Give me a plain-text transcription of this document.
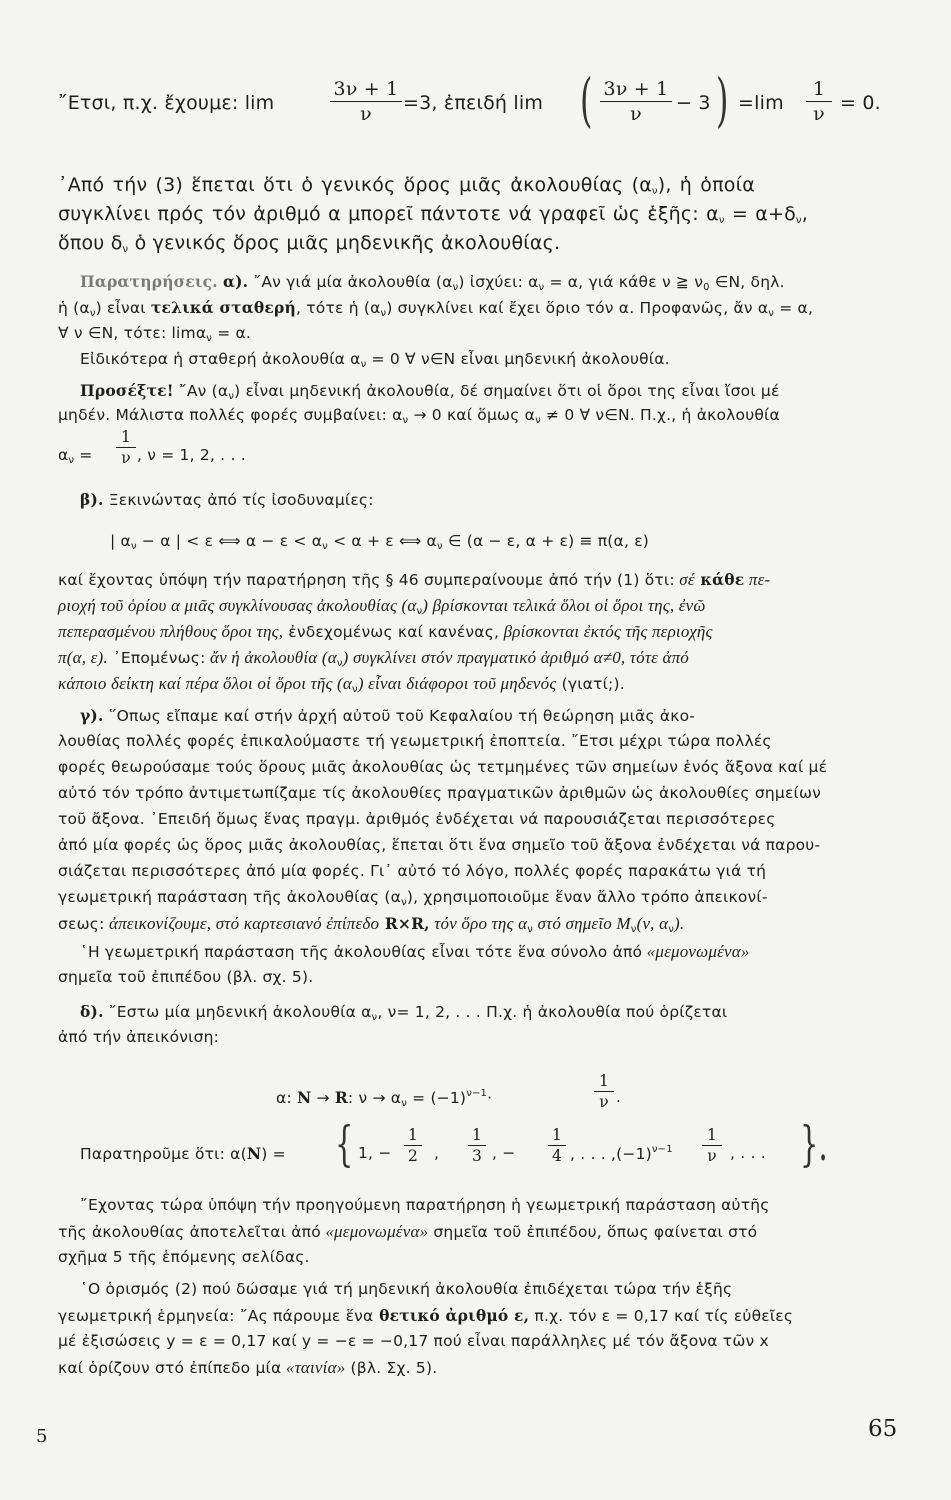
῎Ετσι, π.χ. ἔχουμε: lim
3ν + 1
ν	=3, ἐπειδή lim ( 3ν + 1
ν	− 3 ) =lim
1
ν = 0.
᾿Από τήν (3) ἕπεται ὅτι ὁ γενικός ὅρος μιᾶς ἀκολουθίας $(\alpha_\nu)$, ἡ ὁποία
συγκλίνει πρός τόν ἀριθμό α μπορεῖ πάντοτε νά γραφεῖ ὡς ἑξῆς: $\alpha_\nu = \alpha+\delta_\nu$,
ὅπου $\delta_\nu$ ὁ γενικός ὅρος μιᾶς μηδενικῆς ἀκολουθίας.
Παρατηρήσεις. α). ῎Αν γιά μία ἀκολουθία $(\alpha_\nu)$ ἰσχύει: $\alpha_\nu = \alpha$, γιά κάθε ν ≧ $\nu_0$ ∈N, δηλ.
ἡ $(\alpha_\nu)$ εἶναι τελικά σταθερή, τότε ἡ $(\alpha_\nu)$ συγκλίνει καί ἔχει ὅριο τόν α. Προφανῶς, ἄν $\alpha_\nu = \alpha$,
∀ ν ∈N, τότε: limα$_\nu$ = α.
Εἰδικότερα ἡ σταθερή ἀκολουθία $\alpha_\nu = 0$ ∀ ν∈N εἶναι μηδενική ἀκολουθία.
Προσέξτε! ῎Αν $(\alpha_\nu)$ εἶναι μηδενική ἀκολουθία, δέ σημαίνει ὅτι οἱ ὅροι της εἶναι ἴσοι μέ
μηδέν. Μάλιστα πολλές φορές συμβαίνει: $\alpha_\nu \to 0$ καί ὅμως $\alpha_\nu \ne 0$ ∀ ν∈N. Π.χ., ἡ ἀκολουθία
$\alpha_\nu$ =
1
ν , ν = 1, 2, . . .
β). Ξεκινώντας ἀπό τίς ἰσοδυναμίες:
| $\alpha_\nu - \alpha$ | < ε ⟺ $\alpha - \varepsilon < \alpha_\nu < \alpha + \varepsilon$ ⟺ $\alpha_\nu$ ∈ (α − ε, α + ε) ≡ π(α, ε)
καί ἔχοντας ὑπόψη τήν παρατήρηση τῆς § 46 συμπεραίνουμε ἀπό τήν (1) ὅτι: σέ κάθε πε-
ριοχή τοῦ ὁρίου α μιᾶς συγκλίνουσας ἀκολουθίας $(\alpha_\nu)$ βρίσκονται τελικά ὅλοι οἱ ὅροι της, ἐνῶ
πεπερασμένου πλήθους ὅροι της, ἐνδεχομένως καί κανένας, βρίσκονται ἐκτός τῆς περιοχῆς
π(α, ε). ᾿Επομένως: ἄν ἡ ἀκολουθία $(\alpha_\nu)$ συγκλίνει στόν πραγματικό ἀριθμό α≠0, τότε ἀπό
κάποιο δείκτη καί πέρα ὅλοι οἱ ὅροι τῆς $(\alpha_\nu)$ εἶναι διάφοροι τοῦ μηδενός (γιατί;).
γ). ῞Οπως εἴπαμε καί στήν ἀρχή αὐτοῦ τοῦ Κεφαλαίου τή θεώρηση μιᾶς ἀκο-
λουθίας πολλές φορές ἐπικαλούμαστε τή γεωμετρική ἐποπτεία. ῎Ετσι μέχρι τώρα πολλές
φορές θεωρούσαμε τούς ὅρους μιᾶς ἀκολουθίας ὡς τετμημένες τῶν σημείων ἑνός ἄξονα καί μέ
αὐτό τόν τρόπο ἀντιμετωπίζαμε τίς ἀκολουθίες πραγματικῶν ἀριθμῶν ὡς ἀκολουθίες σημείων
τοῦ ἄξονα. ᾿Επειδή ὅμως ἕνας πραγμ. ἀριθμός ἐνδέχεται νά παρουσιάζεται περισσότερες
ἀπό μία φορές ὡς ὅρος μιᾶς ἀκολουθίας, ἕπεται ὅτι ἕνα σημεῖο τοῦ ἄξονα ἐνδέχεται νά παρου-
σιάζεται περισσότερες ἀπό μία φορές. Γι᾿ αὐτό τό λόγο, πολλές φορές παρακάτω γιά τή
γεωμετρική παράσταση τῆς ἀκολουθίας $(\alpha_\nu)$, χρησιμοποιοῦμε ἕναν ἄλλο τρόπο ἀπεικονί-
σεως: ἀπεικονίζουμε, στό καρτεσιανό ἐπίπεδο R×R, τόν ὅρο της $\alpha_\nu$ στό σημεῖο $M_\nu(\nu$, $\alpha_\nu$).
῾Η γεωμετρική παράσταση τῆς ἀκολουθίας εἶναι τότε ἕνα σύνολο ἀπό «μεμονωμένα»
σημεῖα τοῦ ἐπιπέδου (βλ. σχ. 5).
δ). ῎Εστω μία μηδενική ἀκολουθία $\alpha_\nu$, ν= 1, 2, . . . Π.χ. ἡ ἀκολουθία πού ὁρίζεται
ἀπό τήν ἀπεικόνιση:
α: N → R: $\nu \to \alpha_\nu = (-1)^{\nu-1}\cdot$
1
ν .
Παρατηροῦμε ὅτι: α(N) = { 1, −
1
2 ,
1
3 , −
1
4 , . . . $,(-1)^{\nu-1}$
1
ν , . . . }.
῎Εχοντας τώρα ὑπόψη τήν προηγούμενη παρατήρηση ἡ γεωμετρική παράσταση αὐτῆς
τῆς ἀκολουθίας ἀποτελεῖται ἀπό «μεμονωμένα» σημεῖα τοῦ ἐπιπέδου, ὅπως φαίνεται στό
σχῆμα 5 τῆς ἑπόμενης σελίδας.
῾Ο ὁρισμός (2) πού δώσαμε γιά τή μηδενική ἀκολουθία ἐπιδέχεται τώρα τήν ἑξῆς
γεωμετρική ἑρμηνεία: ῎Ας πάρουμε ἕνα θετικό ἀριθμό ε, π.χ. τόν ε = 0,17 καί τίς εὐθεῖες
μέ ἐξισώσεις y = ε = 0,17 καί y = −ε = −0,17 πού εἶναι παράλληλες μέ τόν ἄξονα τῶν x
καί ὁρίζουν στό ἐπίπεδο μία «ταινία» (βλ. Σχ. 5).
5	65
